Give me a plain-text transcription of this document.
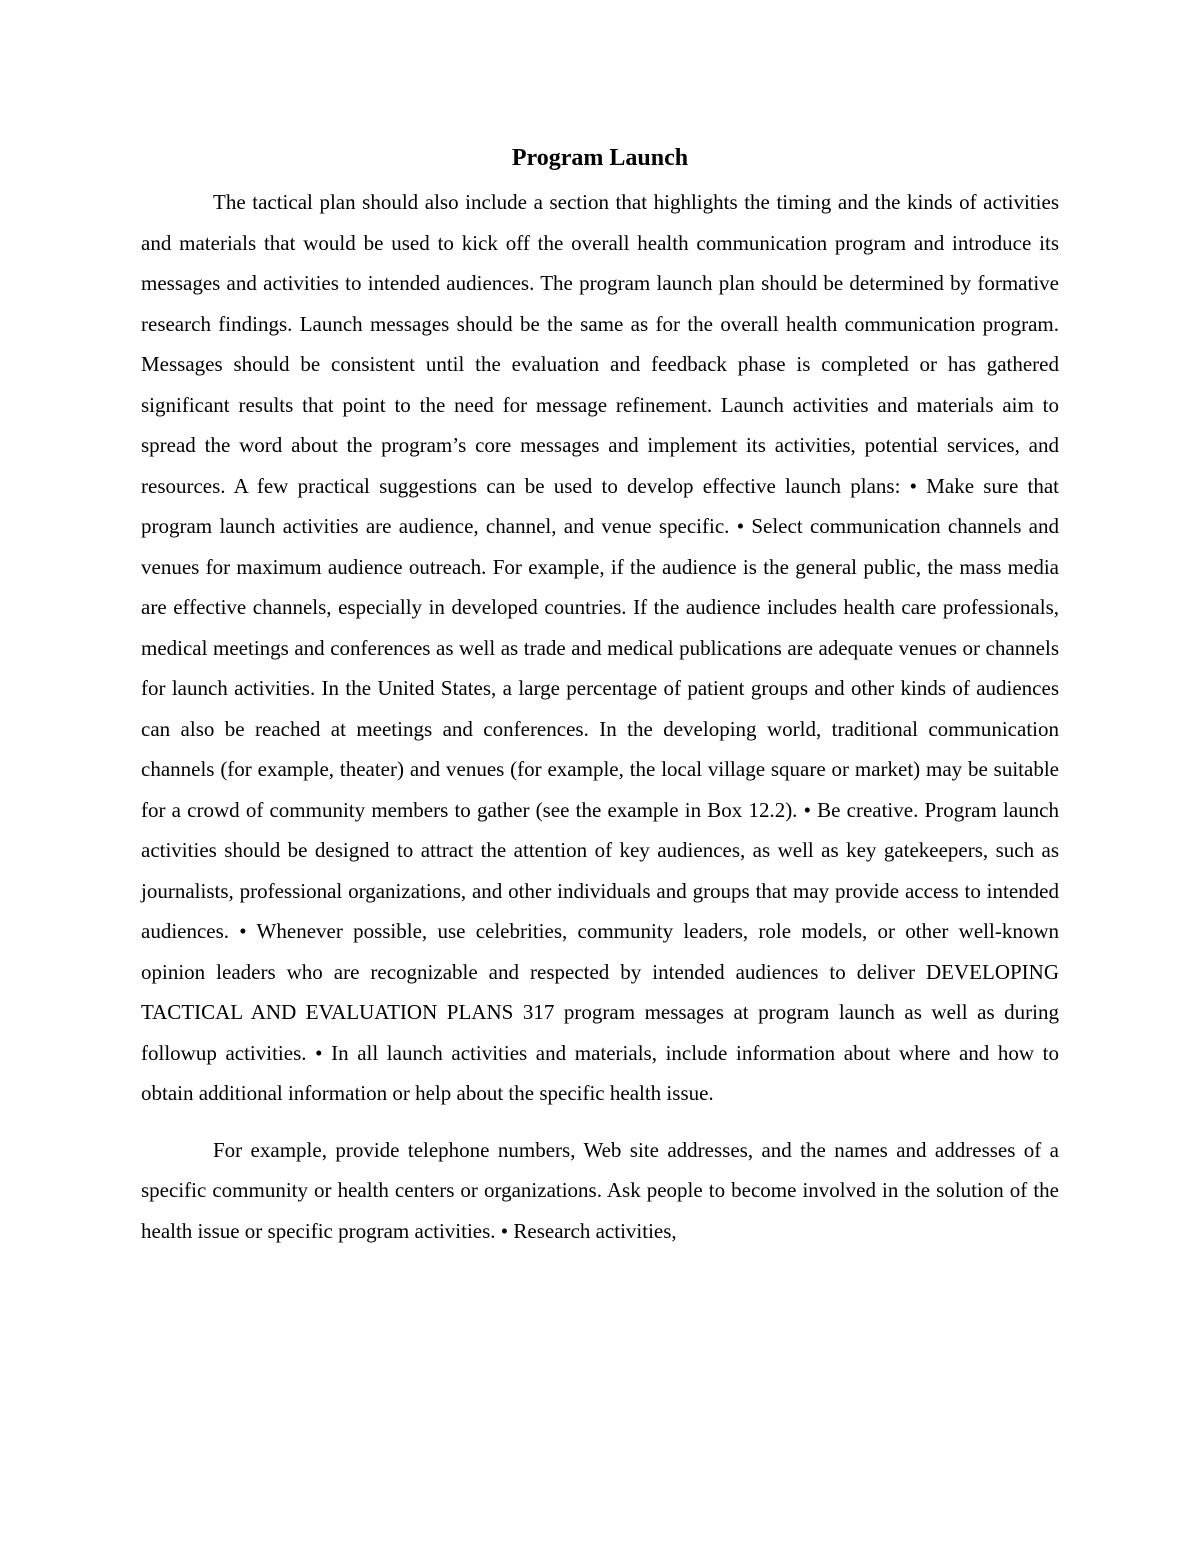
Program Launch

The tactical plan should also include a section that highlights the timing and the kinds of activities and materials that would be used to kick off the overall health communication program and introduce its messages and activities to intended audiences. The program launch plan should be determined by formative research findings. Launch messages should be the same as for the overall health communication program. Messages should be consistent until the evaluation and feedback phase is completed or has gathered significant results that point to the need for message refinement. Launch activities and materials aim to spread the word about the program’s core messages and implement its activities, potential services, and resources. A few practical suggestions can be used to develop effective launch plans: • Make sure that program launch activities are audience, channel, and venue specific. • Select communication channels and venues for maximum audience outreach. For example, if the audience is the general public, the mass media are effective channels, especially in developed countries. If the audience includes health care professionals, medical meetings and conferences as well as trade and medical publications are adequate venues or channels for launch activities. In the United States, a large percentage of patient groups and other kinds of audiences can also be reached at meetings and conferences. In the developing world, traditional communication channels (for example, theater) and venues (for example, the local village square or market) may be suitable for a crowd of community members to gather (see the example in Box 12.2). • Be creative. Program launch activities should be designed to attract the attention of key audiences, as well as key gatekeepers, such as journalists, professional organizations, and other individuals and groups that may provide access to intended audiences. • Whenever possible, use celebrities, community leaders, role models, or other well-known opinion leaders who are recognizable and respected by intended audiences to deliver DEVELOPING TACTICAL AND EVALUATION PLANS 317 program messages at program launch as well as during followup activities. • In all launch activities and materials, include information about where and how to obtain additional information or help about the specific health issue.

For example, provide telephone numbers, Web site addresses, and the names and addresses of a specific community or health centers or organizations. Ask people to become involved in the solution of the health issue or specific program activities. • Research activities,
